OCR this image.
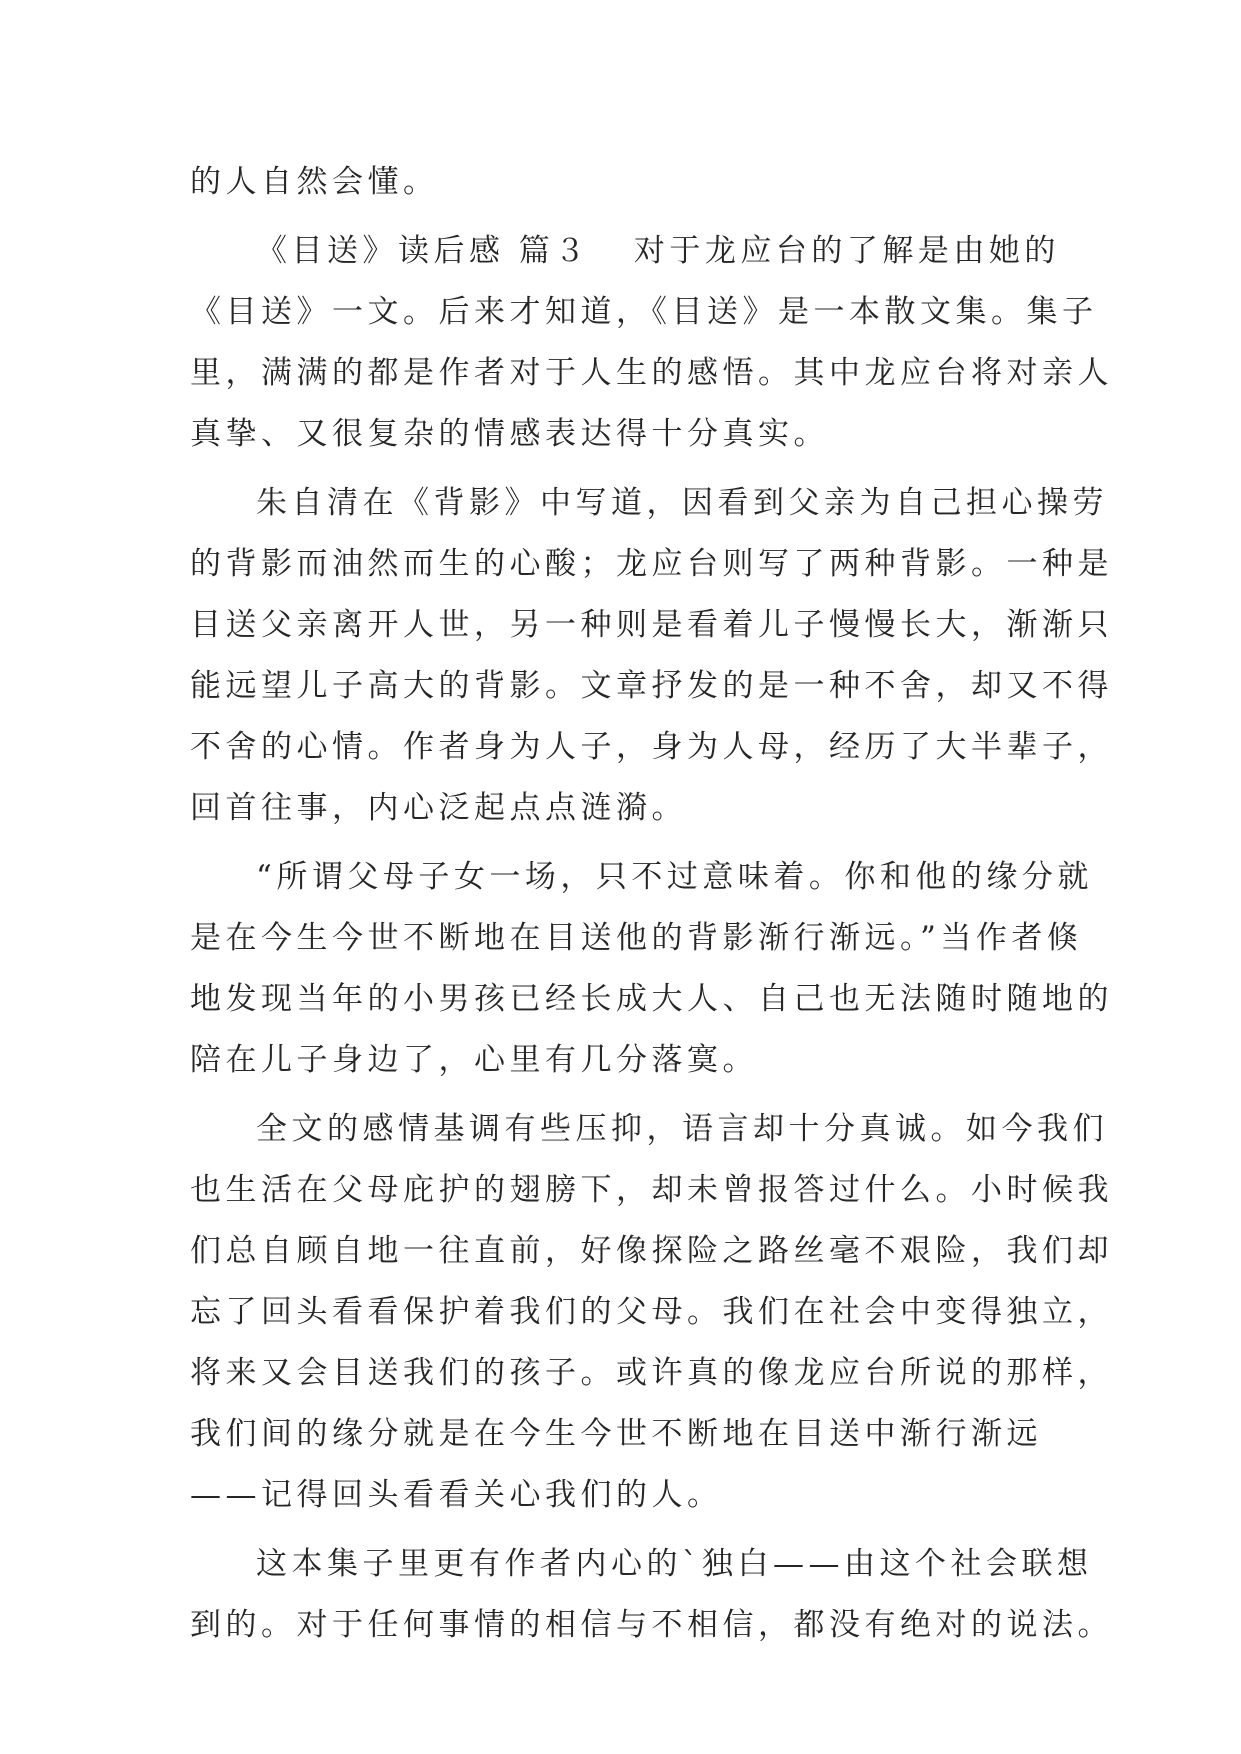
的人自然会懂。
《目送》读后感 篇３ 对于龙应台的了解是由她的
《目送》一文。后来才知道，《目送》是一本散文集。集子
里，满满的都是作者对于人生的感悟。其中龙应台将对亲人
真挚、又很复杂的情感表达得十分真实。
朱自清在《背影》中写道，因看到父亲为自己担心操劳
的背影而油然而生的心酸；龙应台则写了两种背影。一种是
目送父亲离开人世，另一种则是看着儿子慢慢长大，渐渐只
能远望儿子高大的背影。文章抒发的是一种不舍，却又不得
不舍的心情。作者身为人子，身为人母，经历了大半辈子，
回首往事，内心泛起点点涟漪。
“所谓父母子女一场，只不过意味着。你和他的缘分就
是在今生今世不断地在目送他的背影渐行渐远。”当作者倏
地发现当年的小男孩已经长成大人、自己也无法随时随地的
陪在儿子身边了，心里有几分落寞。
全文的感情基调有些压抑，语言却十分真诚。如今我们
也生活在父母庇护的翅膀下，却未曾报答过什么。小时候我
们总自顾自地一往直前，好像探险之路丝毫不艰险，我们却
忘了回头看看保护着我们的父母。我们在社会中变得独立，
将来又会目送我们的孩子。或许真的像龙应台所说的那样，
我们间的缘分就是在今生今世不断地在目送中渐行渐远
——记得回头看看关心我们的人。
这本集子里更有作者内心的`独白——由这个社会联想
到的。对于任何事情的相信与不相信，都没有绝对的说法。
